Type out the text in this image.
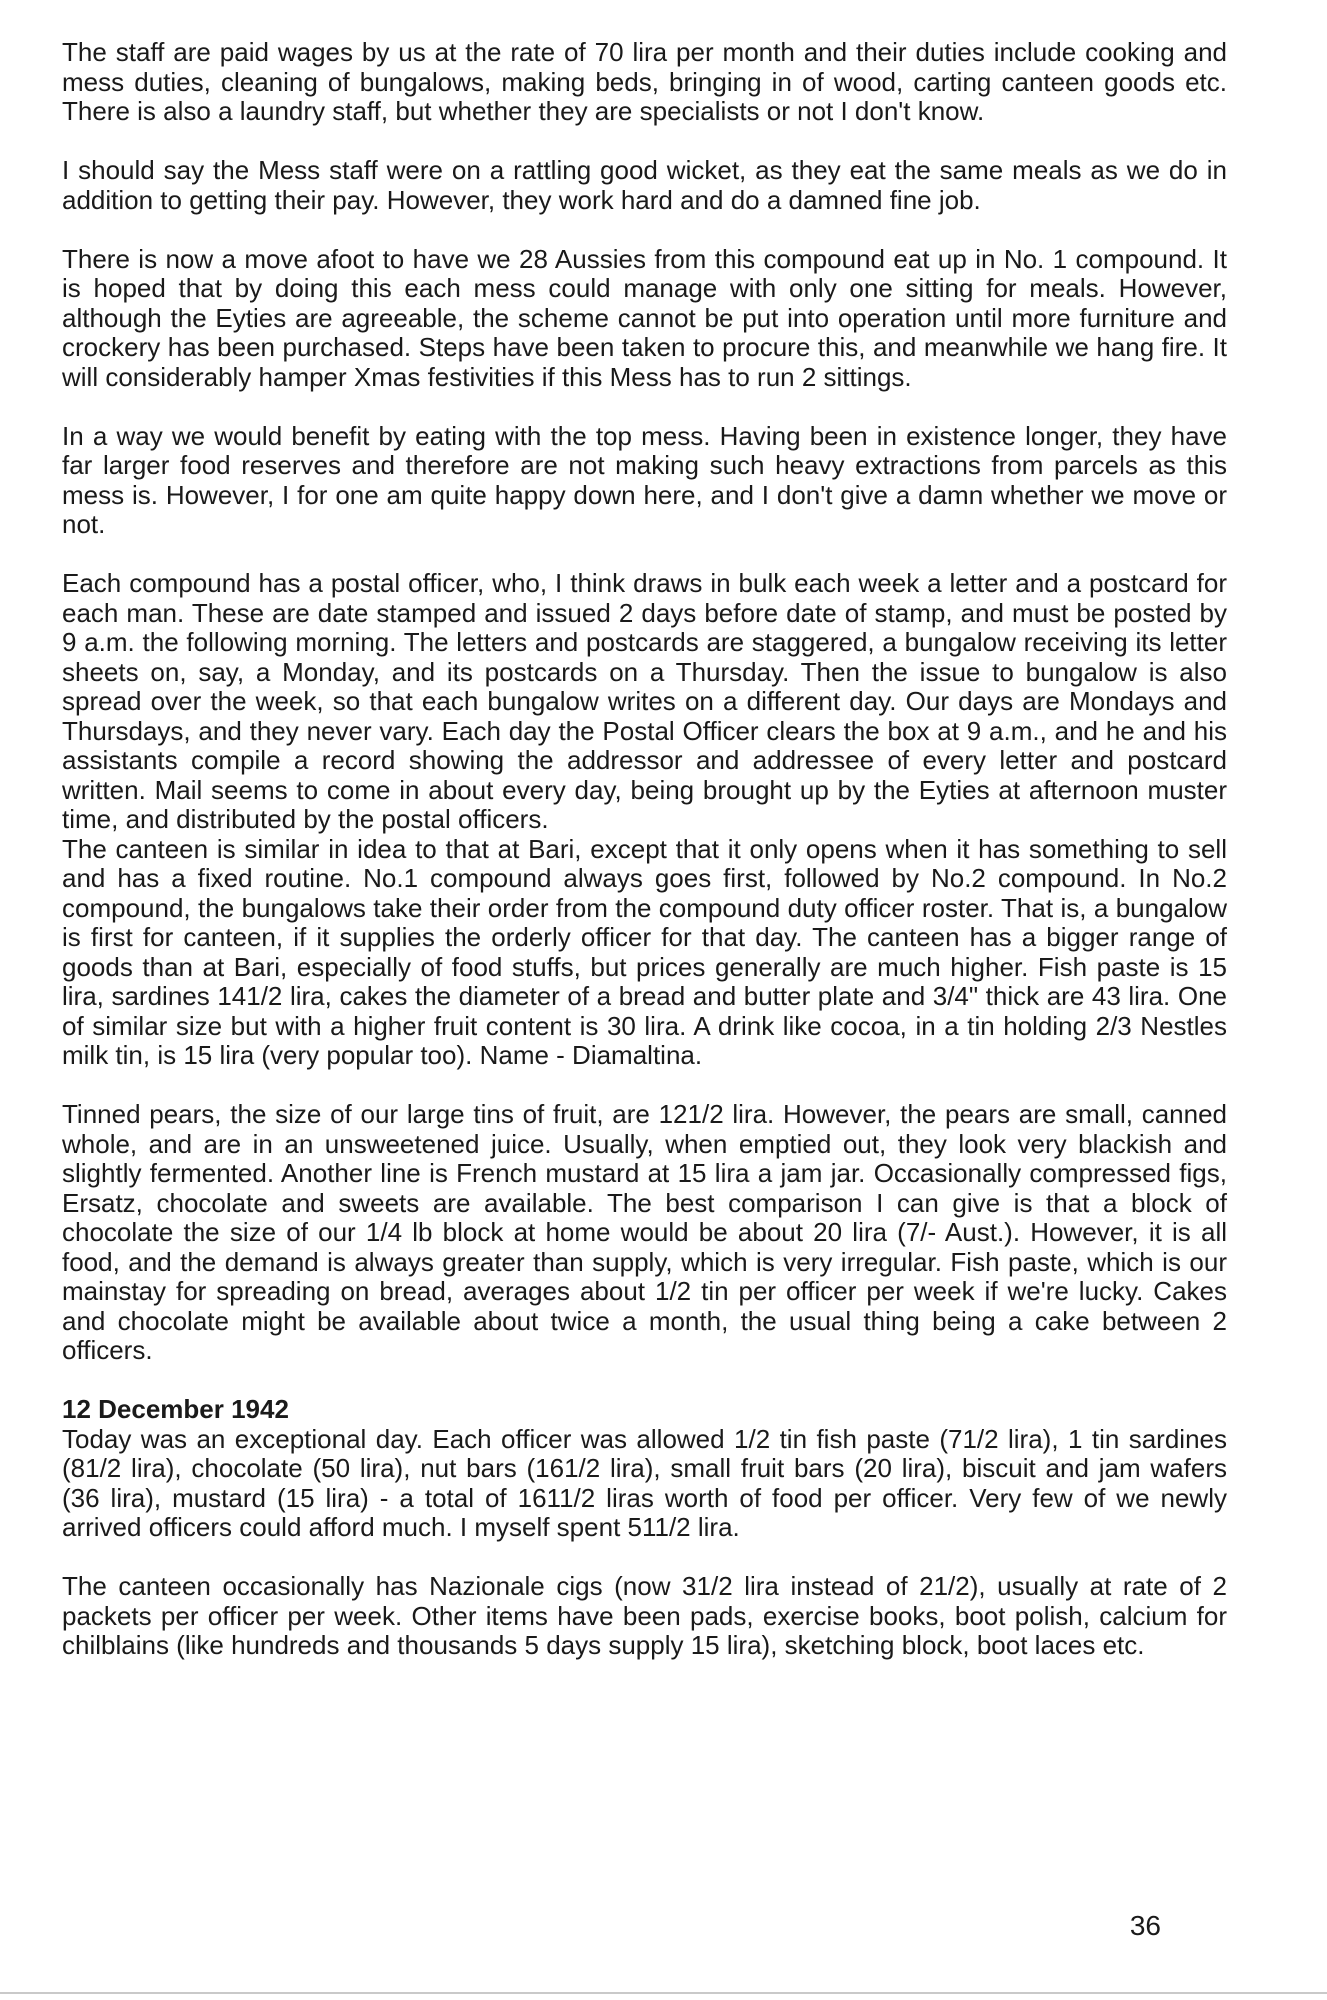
The staff are paid wages by us at the rate of 70 lira per month and their duties include cooking and mess duties, cleaning of bungalows, making beds, bringing in of wood, carting canteen goods etc. There is also a laundry staff, but whether they are specialists or not I don't know.

I should say the Mess staff were on a rattling good wicket, as they eat the same meals as we do in addition to getting their pay. However, they work hard and do a damned fine job.

There is now a move afoot to have we 28 Aussies from this compound eat up in No. 1 compound. It is hoped that by doing this each mess could manage with only one sitting for meals. However, although the Eyties are agreeable, the scheme cannot be put into operation until more furniture and crockery has been purchased. Steps have been taken to procure this, and meanwhile we hang fire. It will considerably hamper Xmas festivities if this Mess has to run 2 sittings.

In a way we would benefit by eating with the top mess. Having been in existence longer, they have far larger food reserves and therefore are not making such heavy extractions from parcels as this mess is. However, I for one am quite happy down here, and I don't give a damn whether we move or not.

Each compound has a postal officer, who, I think draws in bulk each week a letter and a postcard for each man. These are date stamped and issued 2 days before date of stamp, and must be posted by 9 a.m. the following morning. The letters and postcards are staggered, a bungalow receiving its letter sheets on, say, a Monday, and its postcards on a Thursday. Then the issue to bungalow is also spread over the week, so that each bungalow writes on a different day. Our days are Mondays and Thursdays, and they never vary. Each day the Postal Officer clears the box at 9 a.m., and he and his assistants compile a record showing the addressor and addressee of every letter and postcard written. Mail seems to come in about every day, being brought up by the Eyties at afternoon muster time, and distributed by the postal officers.

The canteen is similar in idea to that at Bari, except that it only opens when it has something to sell and has a fixed routine. No.1 compound always goes first, followed by No.2 compound. In No.2 compound, the bungalows take their order from the compound duty officer roster. That is, a bungalow is first for canteen, if it supplies the orderly officer for that day. The canteen has a bigger range of goods than at Bari, especially of food stuffs, but prices generally are much higher. Fish paste is 15 lira, sardines 141/2 lira, cakes the diameter of a bread and butter plate and 3/4" thick are 43 lira. One of similar size but with a higher fruit content is 30 lira. A drink like cocoa, in a tin holding 2/3 Nestles milk tin, is 15 lira (very popular too). Name - Diamaltina.

Tinned pears, the size of our large tins of fruit, are 121/2 lira. However, the pears are small, canned whole, and are in an unsweetened juice. Usually, when emptied out, they look very blackish and slightly fermented. Another line is French mustard at 15 lira a jam jar. Occasionally compressed figs, Ersatz, chocolate and sweets are available. The best comparison I can give is that a block of chocolate the size of our 1/4 lb block at home would be about 20 lira (7/- Aust.). However, it is all food, and the demand is always greater than supply, which is very irregular. Fish paste, which is our mainstay for spreading on bread, averages about 1/2 tin per officer per week if we're lucky. Cakes and chocolate might be available about twice a month, the usual thing being a cake between 2 officers.

12 December 1942

Today was an exceptional day. Each officer was allowed 1/2 tin fish paste (71/2 lira), 1 tin sardines (81/2 lira), chocolate (50 lira), nut bars (161/2 lira), small fruit bars (20 lira), biscuit and jam wafers (36 lira), mustard (15 lira) - a total of 1611/2 liras worth of food per officer. Very few of we newly arrived officers could afford much. I myself spent 511/2 lira.

The canteen occasionally has Nazionale cigs (now 31/2 lira instead of 21/2), usually at rate of 2 packets per officer per week. Other items have been pads, exercise books, boot polish, calcium for chilblains (like hundreds and thousands 5 days supply 15 lira), sketching block, boot laces etc.

36
